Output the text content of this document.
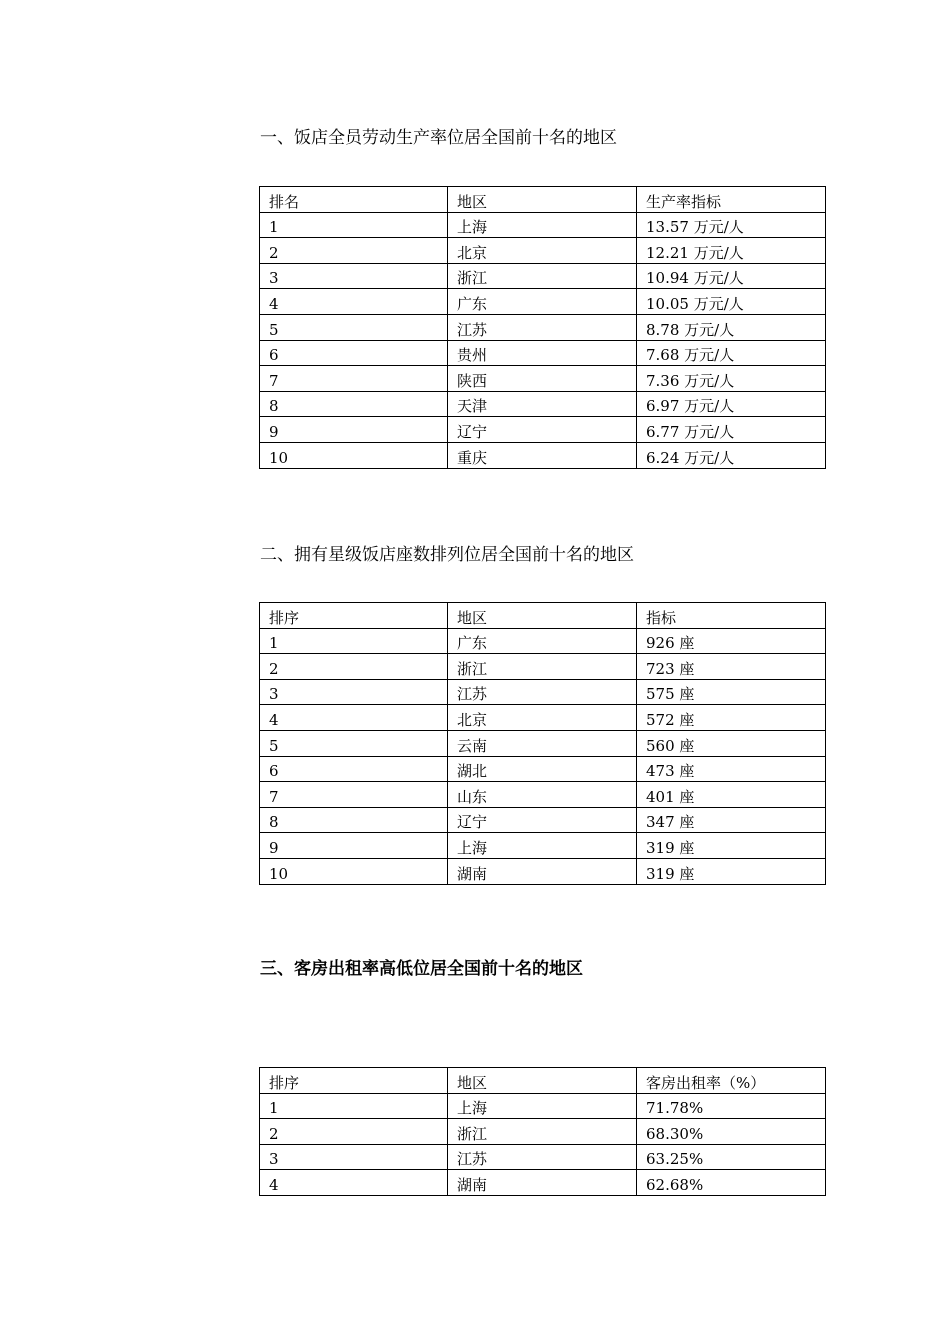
一、饭店全员劳动生产率位居全国前十名的地区
排名	地区	生产率指标
1	上海	13.57 万元/人
2	北京	12.21 万元/人
3	浙江	10.94 万元/人
4	广东	10.05 万元/人
5	江苏	8.78 万元/人
6	贵州	7.68 万元/人
7	陕西	7.36 万元/人
8	天津	6.97 万元/人
9	辽宁	6.77 万元/人
10	重庆	6.24 万元/人
二、拥有星级饭店座数排列位居全国前十名的地区
排序	地区	指标
1	广东	926 座
2	浙江	723 座
3	江苏	575 座
4	北京	572 座
5	云南	560 座
6	湖北	473 座
7	山东	401 座
8	辽宁	347 座
9	上海	319 座
10	湖南	319 座
三、客房出租率高低位居全国前十名的地区
排序	地区	客房出租率（%）
1	上海	71.78%
2	浙江	68.30%
3	江苏	63.25%
4	湖南	62.68%
